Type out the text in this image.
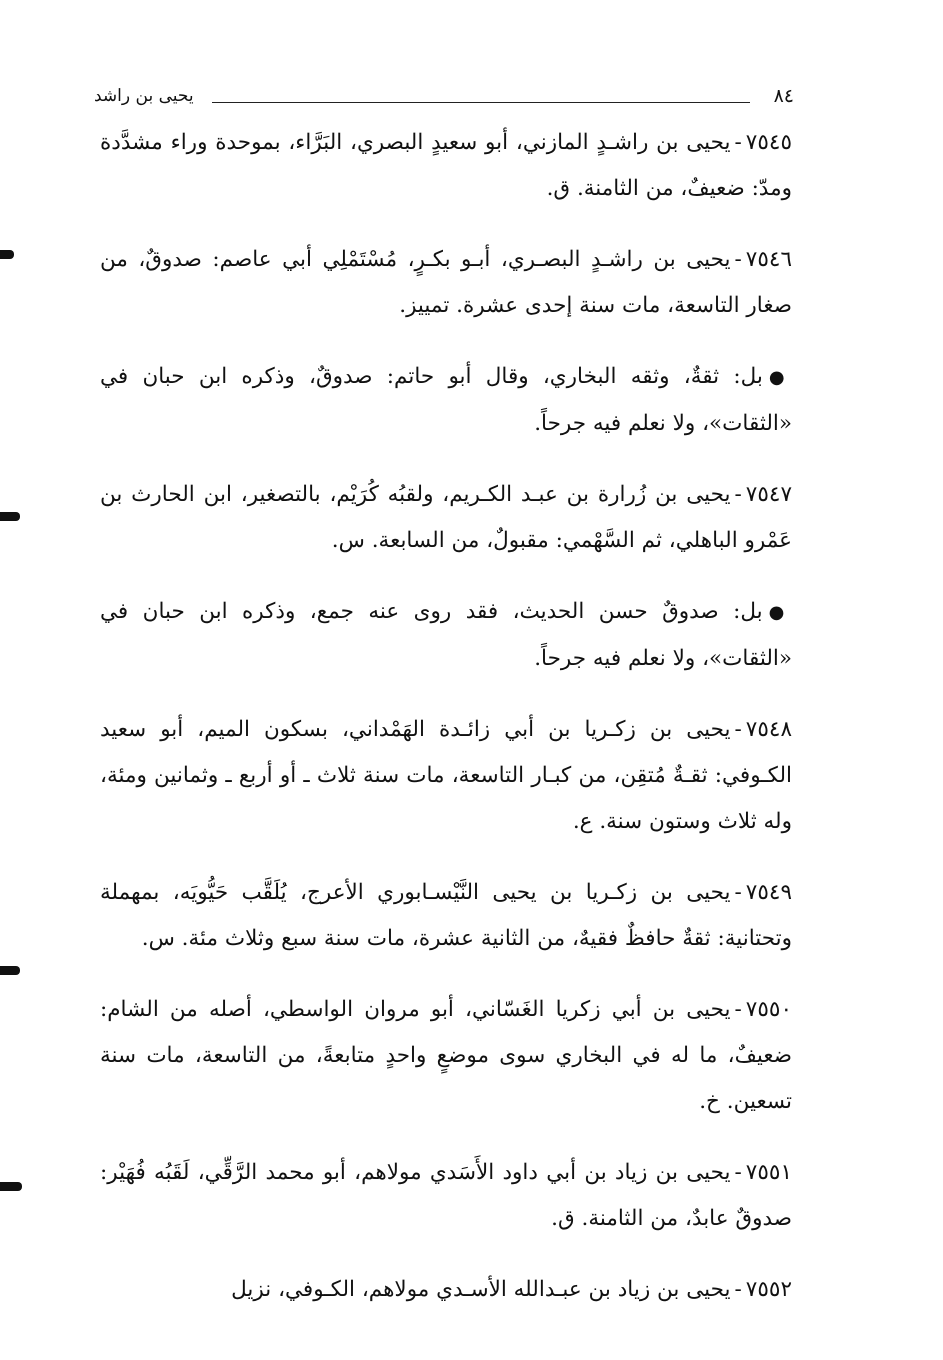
٨٤
يحيى بن راشد

٧٥٤٥-يحيى بن راشـدٍ المازني، أبو سعيدٍ البصري، البَرَّاء، بموحدة وراء مشدَّدة ومدّ: ضعيفٌ، من الثامنة. ق.

٧٥٤٦-يحيى بن راشـدٍ البصـري، أبـو بكـرٍ، مُسْتَمْلِي أبي عاصم: صدوقٌ، من صغار التاسعة، مات سنة إحدى عشرة. تمييز.

●بل: ثقةٌ، وثقه البخاري، وقال أبو حاتم: صدوقٌ، وذكره ابن حبان في «الثقات»، ولا نعلم فيه جرحاً.

٧٥٤٧-يحيى بن زُرارة بن عبـد الكـريم، ولقبُه كُرَيْم، بالتصغير، ابن الحارث بن عَمْرو الباهلي، ثم السَّهْمي: مقبولٌ، من السابعة. س.

●بل: صدوقٌ حسن الحديث، فقد روى عنه جمع، وذكره ابن حبان في «الثقات»، ولا نعلم فيه جرحاً.

٧٥٤٨-يحيى بن زكـريا بن أبي زائـدة الهَمْداني، بسكون الميم، أبو سعيد الكـوفي: ثقـةٌ مُتقِن، من كبـار التاسعة، مات سنة ثلاث ـ أو أربع ـ وثمانين ومئة، وله ثلاث وستون سنة. ع.

٧٥٤٩-يحيى بن زكـريا بن يحيى النَّيْسـابوري الأعرج، يُلَقَّب حَيُّويَه، بمهملة وتحتانية: ثقةٌ حافظٌ فقيهٌ، من الثانية عشرة، مات سنة سبع وثلاث مئة. س.

٧٥٥٠-يحيى بن أبي زكريا الغَسّاني، أبو مروان الواسطي، أصله من الشام: ضعيفٌ، ما له في البخاري سوى موضعٍ واحدٍ متابعةً، من التاسعة، مات سنة تسعين. خ.

٧٥٥١-يحيى بن زياد بن أبي داود الأَسَدي مولاهم، أبو محمد الرَّقِّي، لَقَبُه فُهَيْر: صدوقٌ عابدٌ، من الثامنة. ق.

٧٥٥٢-يحيى بن زياد بن عبـدالله الأسـدي مولاهم، الكـوفي، نزيل
